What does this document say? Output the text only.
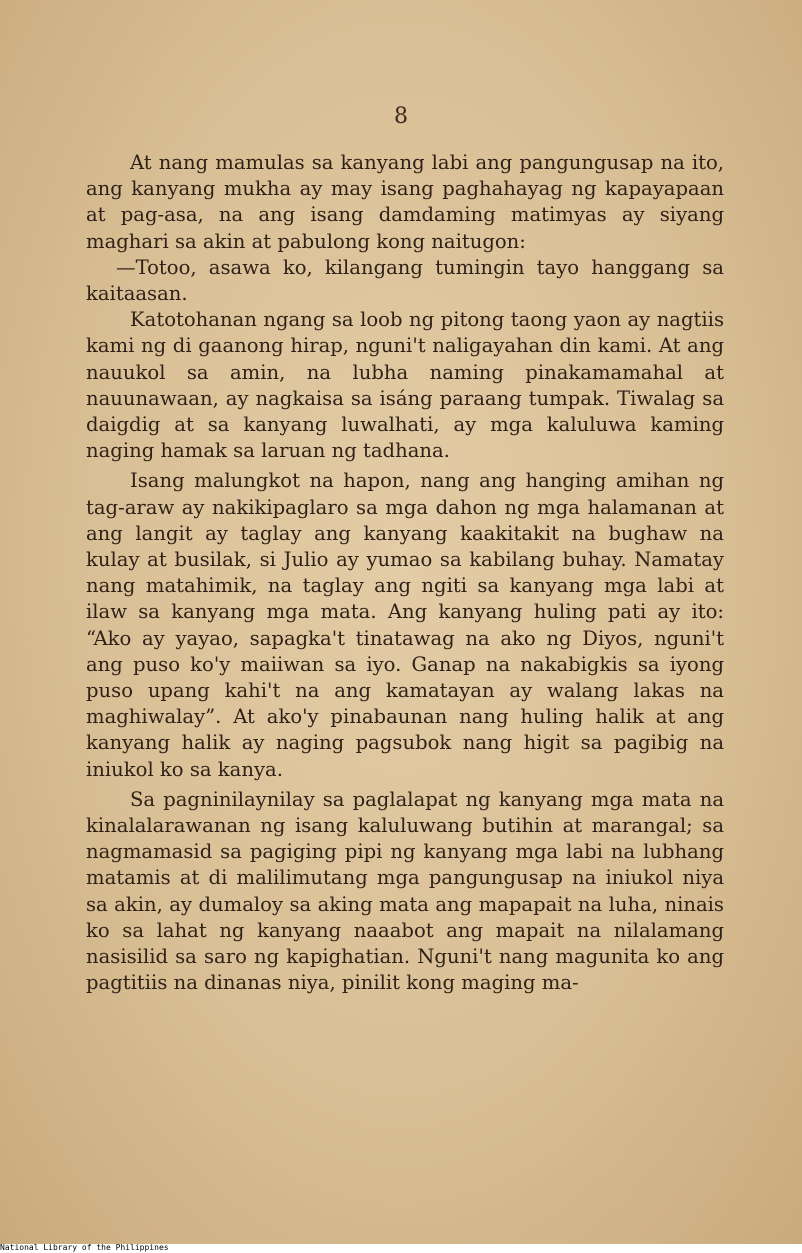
8

At nang mamulas sa kanyang labi ang pangungusap na ito, ang kanyang mukha ay may isang paghahayag ng kapayapaan at pag-asa, na ang isang damdaming matimyas ay siyang maghari sa akin at pabulong kong naitugon:

—Totoo, asawa ko, kilangang tumingin tayo hanggang sa kaitaasan.

Katotohanan ngang sa loob ng pitong taong yaon ay nagtiis kami ng di gaanong hirap, nguni't naligayahan din kami. At ang nauukol sa amin, na lubha naming pinakamamahal at nauunawaan, ay nagkaisa sa isáng paraang tumpak. Tiwalag sa daigdig at sa kanyang luwalhati, ay mga kaluluwa kaming naging hamak sa laruan ng tadhana.

Isang malungkot na hapon, nang ang hanging amihan ng tag-araw ay nakikipaglaro sa mga dahon ng mga halamanan at ang langit ay taglay ang kanyang kaakitakit na bughaw na kulay at busilak, si Julio ay yumao sa kabilang buhay. Namatay nang matahimik, na taglay ang ngiti sa kanyang mga labi at ilaw sa kanyang mga mata. Ang kanyang huling pati ay ito: “Ako ay yayao, sapagka't tinatawag na ako ng Diyos, nguni't ang puso ko'y maiiwan sa iyo. Ganap na nakabigkis sa iyong puso upang kahi't na ang kamatayan ay walang lakas na maghiwalay”. At ako'y pinabaunan nang huling halik at ang kanyang halik ay naging pagsubok nang higit sa pagibig na iniukol ko sa kanya.

Sa pagninilaynilay sa paglalapat ng kanyang mga mata na kinalalarawanan ng isang kaluluwang butihin at marangal; sa nagmamasid sa pagiging pipi ng kanyang mga labi na lubhang matamis at di malilimutang mga pangungusap na iniukol niya sa akin, ay dumaloy sa aking mata ang mapapait na luha, ninais ko sa lahat ng kanyang naaabot ang mapait na nilalamang nasisilid sa saro ng kapighatian. Nguni't nang magunita ko ang pagtitiis na dinanas niya, pinilit kong maging ma-

National Library of the Philippines
